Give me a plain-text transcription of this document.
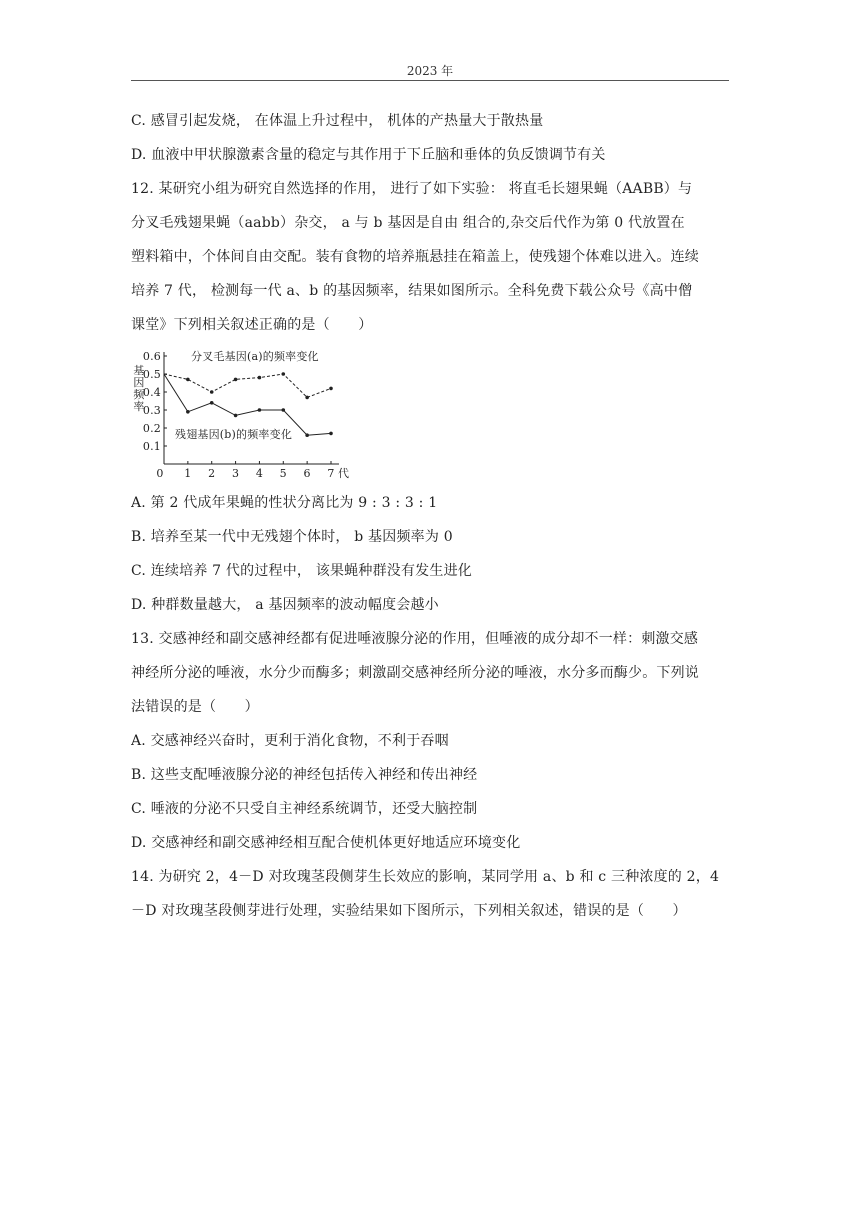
2023 年
C. 感冒引起发烧， 在体温上升过程中， 机体的产热量大于散热量
D. 血液中甲状腺激素含量的稳定与其作用于下丘脑和垂体的负反馈调节有关
12. 某研究小组为研究自然选择的作用， 进行了如下实验： 将直毛长翅果蝇（AABB）与
分叉毛残翅果蝇（aabb）杂交， a 与 b 基因是自由 组合的,杂交后代作为第 0 代放置在
塑料箱中，个体间自由交配。装有食物的培养瓶悬挂在箱盖上，使残翅个体难以进入。连续
培养 7 代， 检测每一代 a、b 的基因频率，结果如图所示。全科免费下载公众号《高中僧
课堂》下列相关叙述正确的是（　　）
0.1
0.2
0.3
0.4
0.5
0.6
0 1 2 3 4 5 6 7 代
基因频率
分叉毛基因(a)的频率变化
残翅基因(b)的频率变化
A. 第 2 代成年果蝇的性状分离比为 9 : 3 : 3 : 1
B. 培养至某一代中无残翅个体时， b 基因频率为 0
C. 连续培养 7 代的过程中， 该果蝇种群没有发生进化
D. 种群数量越大， a 基因频率的波动幅度会越小
13. 交感神经和副交感神经都有促进唾液腺分泌的作用，但唾液的成分却不一样：刺激交感
神经所分泌的唾液，水分少而酶多；刺激副交感神经所分泌的唾液，水分多而酶少。下列说
法错误的是（　　）
A. 交感神经兴奋时，更利于消化食物，不利于吞咽
B. 这些支配唾液腺分泌的神经包括传入神经和传出神经
C. 唾液的分泌不只受自主神经系统调节，还受大脑控制
D. 交感神经和副交感神经相互配合使机体更好地适应环境变化
14. 为研究 2，4－D 对玫瑰茎段侧芽生长效应的影响，某同学用 a、b 和 c 三种浓度的 2，4
－D 对玫瑰茎段侧芽进行处理，实验结果如下图所示，下列相关叙述，错误的是（　　）
